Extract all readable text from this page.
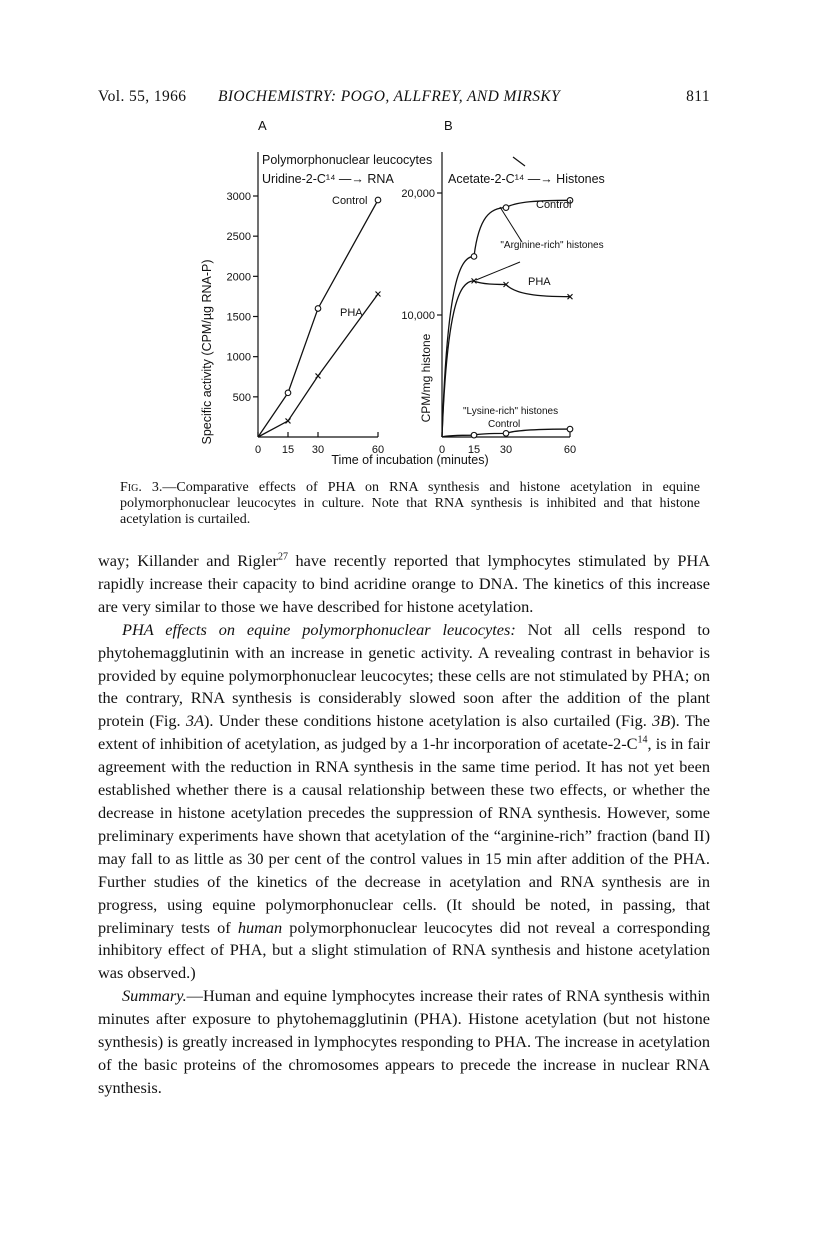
Vol. 55, 1966 BIOCHEMISTRY: POGO, ALLFREY, AND MIRSKY	811
A
Polymorphonuclear leucocytes
Uridine-2-C¹⁴ —→ RNA
500
1000
1500
2000
2500
3000
0 15 30	60
Specific activity (CPM/µg RNA-P)
Control
PHA
B
Acetate-2-C¹⁴ —→ Histones
10,000
20,000
0 15 30	60
CPM/mg histone
Control
"Arginine-rich" histones
PHA
"Lysine-rich" histones
Control
Time of incubation (minutes)
Fig. 3.—Comparative effects of PHA on RNA synthesis and histone acetylation in equine polymorphonuclear leucocytes in culture. Note that RNA synthesis is inhibited and that histone acetylation is curtailed.

way; Killander and Rigler$^{27}$ have recently reported that lymphocytes stimulated by PHA rapidly increase their capacity to bind acridine orange to DNA. The kinetics of this increase are very similar to those we have described for histone acetylation.

PHA effects on equine polymorphonuclear leucocytes: Not all cells respond to phytohemagglutinin with an increase in genetic activity. A revealing contrast in behavior is provided by equine polymorphonuclear leucocytes; these cells are not stimulated by PHA; on the contrary, RNA synthesis is considerably slowed soon after the addition of the plant protein (Fig. 3A). Under these conditions histone acetylation is also curtailed (Fig. 3B). The extent of inhibition of acetylation, as judged by a 1-hr incorporation of acetate-$2-C^{14}$, is in fair agreement with the reduction in RNA synthesis in the same time period. It has not yet been established whether there is a causal relationship between these two effects, or whether the decrease in histone acetylation precedes the suppression of RNA synthesis. However, some preliminary experiments have shown that acetylation of the “arginine-rich” fraction (band II) may fall to as little as 30 per cent of the control values in 15 min after addition of the PHA. Further studies of the kinetics of the decrease in acetylation and RNA synthesis are in progress, using equine polymorphonuclear cells. (It should be noted, in passing, that preliminary tests of human polymorphonuclear leucocytes did not reveal a corresponding inhibitory effect of PHA, but a slight stimulation of RNA synthesis and histone acetylation was observed.)

Summary.—Human and equine lymphocytes increase their rates of RNA synthesis within minutes after exposure to phytohemagglutinin (PHA). Histone acetylation (but not histone synthesis) is greatly increased in lymphocytes responding to PHA. The increase in acetylation of the basic proteins of the chromosomes appears to precede the increase in nuclear RNA synthesis.
